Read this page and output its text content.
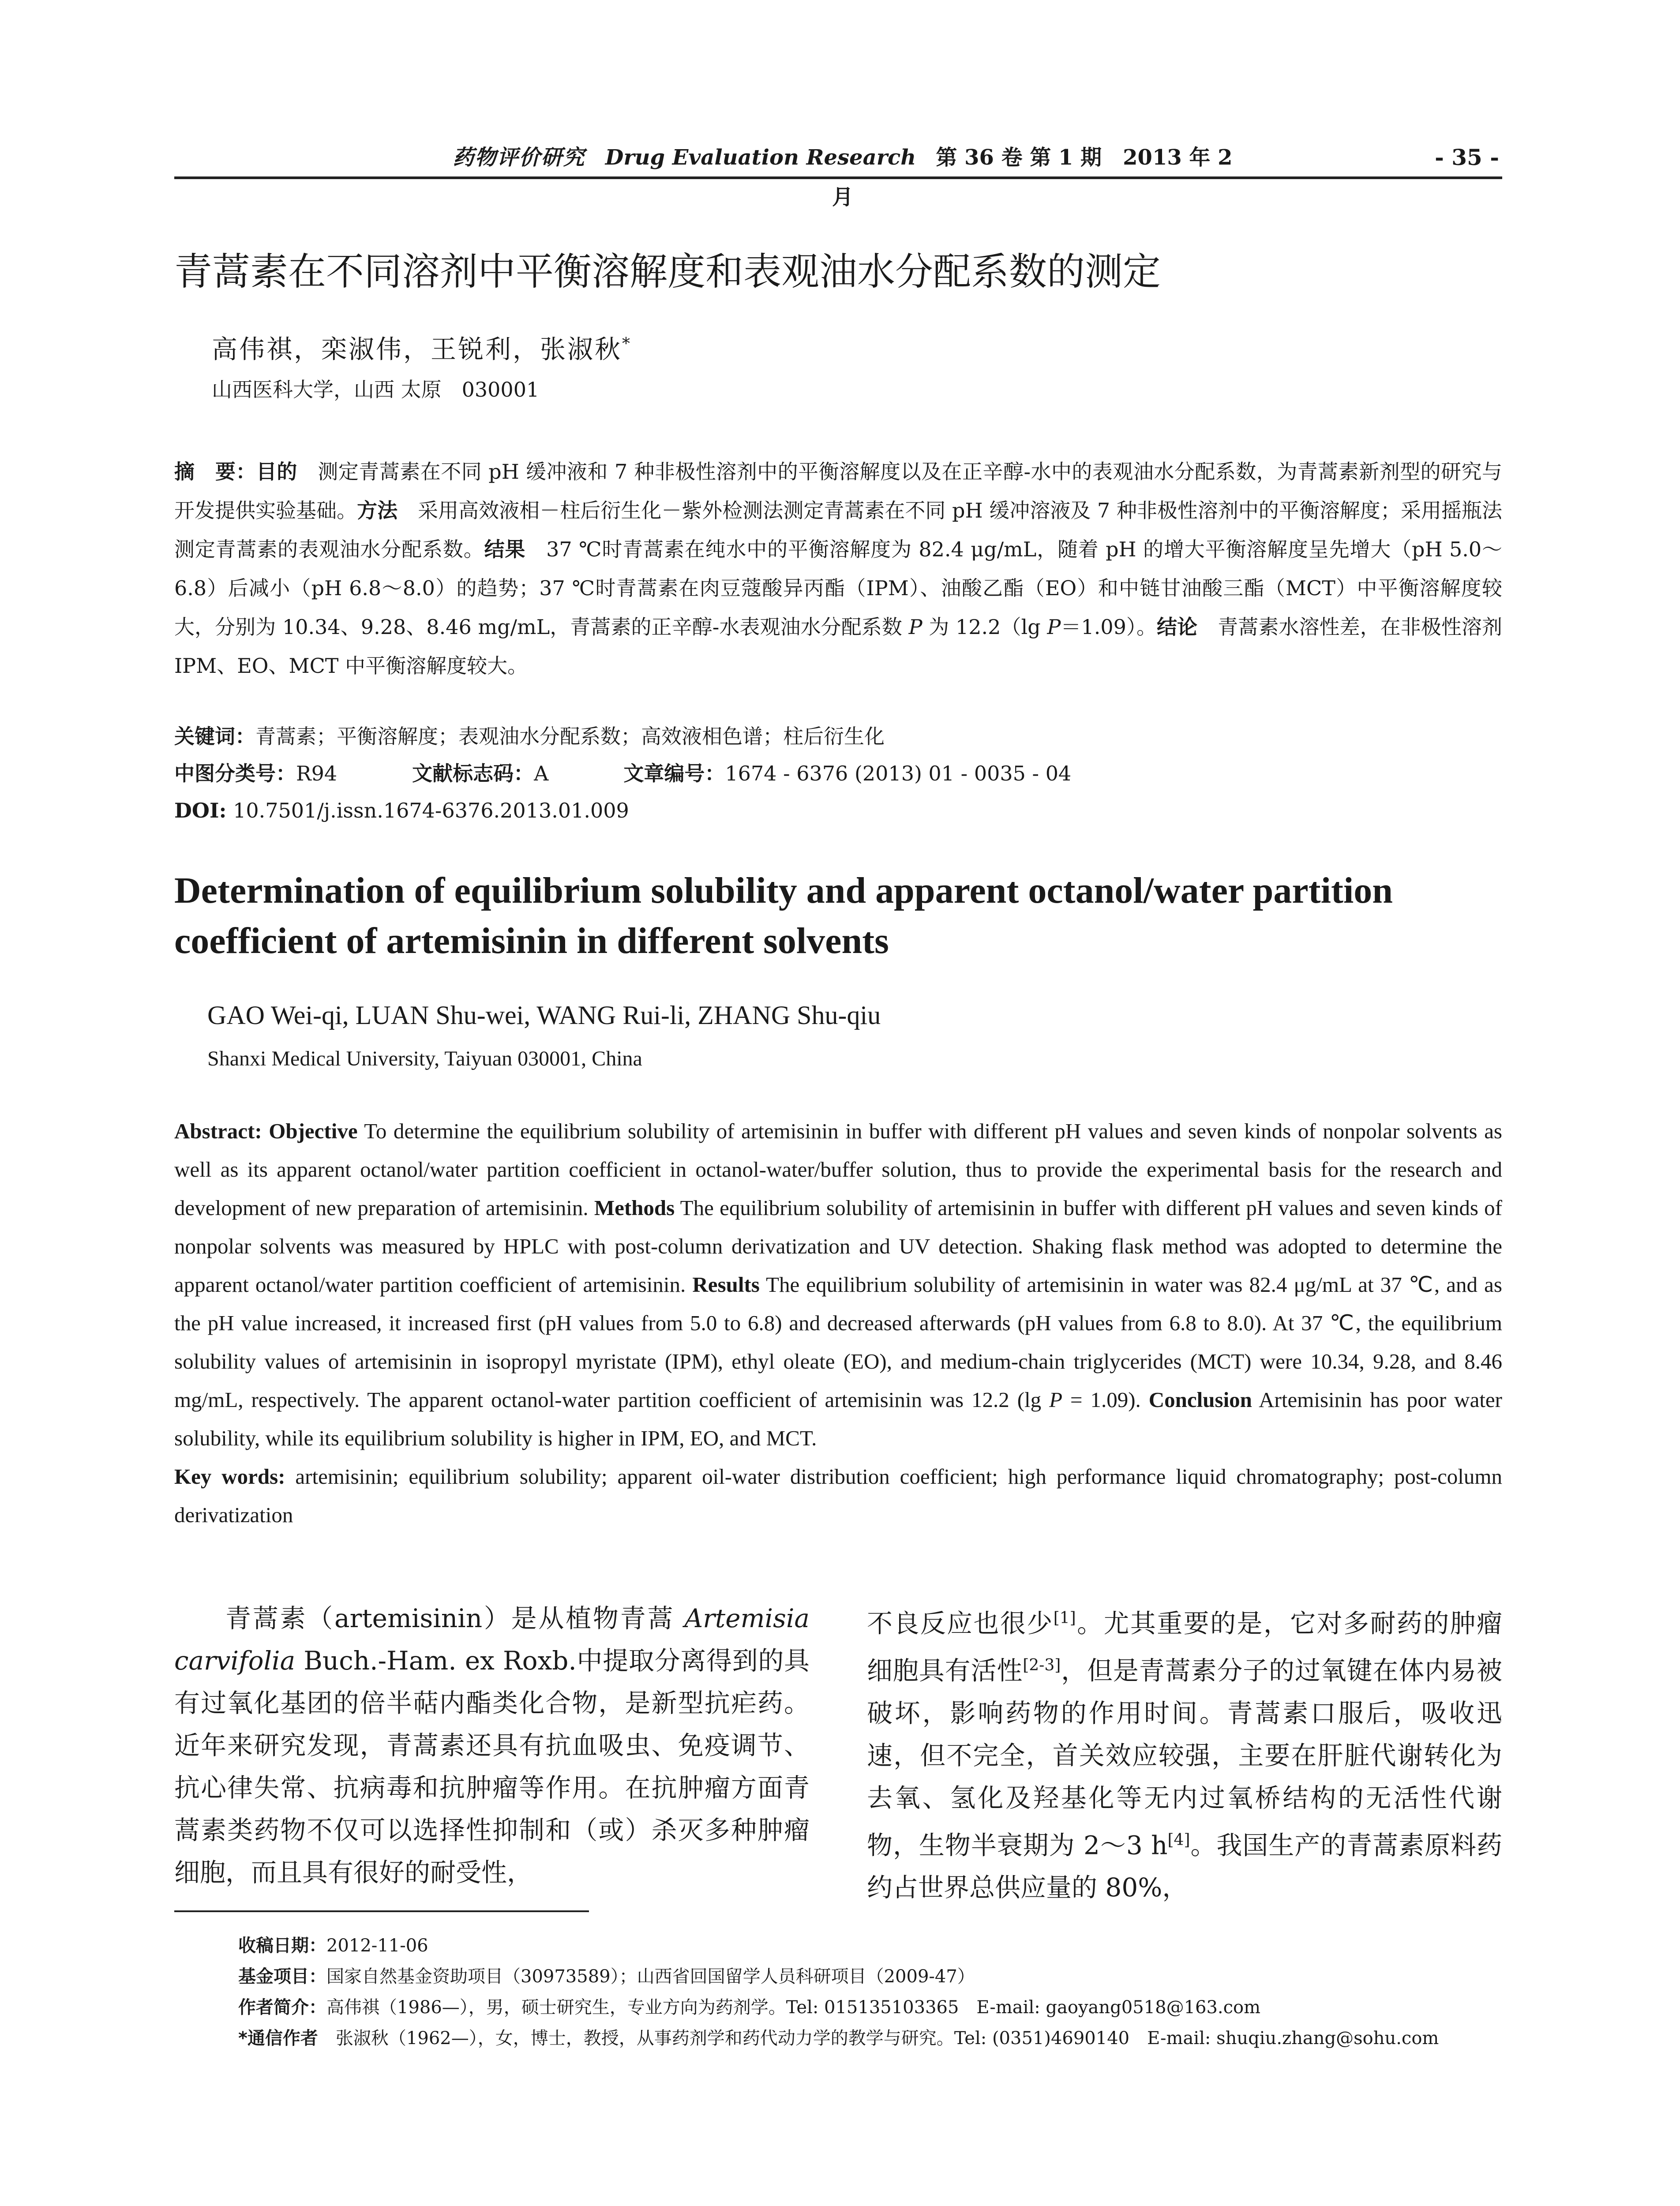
药物评价研究 Drug Evaluation Research 第 36 卷 第 1 期　2013 年 2 月
- 35 -
青蒿素在不同溶剂中平衡溶解度和表观油水分配系数的测定
高伟祺，栾淑伟，王锐利，张淑秋*
山西医科大学，山西 太原　030001
摘　要：目的　测定青蒿素在不同 pH 缓冲液和 7 种非极性溶剂中的平衡溶解度以及在正辛醇-水中的表观油水分配系数，为青蒿素新剂型的研究与开发提供实验基础。方法　采用高效液相－柱后衍生化－紫外检测法测定青蒿素在不同 pH 缓冲溶液及 7 种非极性溶剂中的平衡溶解度；采用摇瓶法测定青蒿素的表观油水分配系数。结果　37 ℃时青蒿素在纯水中的平衡溶解度为 82.4 μg/mL，随着 pH 的增大平衡溶解度呈先增大（pH 5.0～6.8）后减小（pH 6.8～8.0）的趋势；37 ℃时青蒿素在肉豆蔻酸异丙酯（IPM）、油酸乙酯（EO）和中链甘油酸三酯（MCT）中平衡溶解度较大，分别为 10.34、9.28、8.46 mg/mL，青蒿素的正辛醇-水表观油水分配系数 P 为 12.2（lg P＝1.09）。结论　青蒿素水溶性差，在非极性溶剂 IPM、EO、MCT 中平衡溶解度较大。
关键词：青蒿素；平衡溶解度；表观油水分配系数；高效液相色谱；柱后衍生化
中图分类号：R94	文献标志码：A	文章编号：1674 - 6376 (2013) 01 - 0035 - 04
DOI: 10.7501/j.issn.1674-6376.2013.01.009
Determination of equilibrium solubility and apparent octanol/water partition coefficient of artemisinin in different solvents
GAO Wei-qi, LUAN Shu-wei, WANG Rui-li, ZHANG Shu-qiu
Shanxi Medical University, Taiyuan 030001, China
Abstract: Objective To determine the equilibrium solubility of artemisinin in buffer with different pH values and seven kinds of nonpolar solvents as well as its apparent octanol/water partition coefficient in octanol-water/buffer solution, thus to provide the experimental basis for the research and development of new preparation of artemisinin. Methods The equilibrium solubility of artemisinin in buffer with different pH values and seven kinds of nonpolar solvents was measured by HPLC with post-column derivatization and UV detection. Shaking flask method was adopted to determine the apparent octanol/water partition coefficient of artemisinin. Results The equilibrium solubility of artemisinin in water was 82.4 μg/mL at 37 ℃, and as the pH value increased, it increased first (pH values from 5.0 to 6.8) and decreased afterwards (pH values from 6.8 to 8.0). At 37 ℃, the equilibrium solubility values of artemisinin in isopropyl myristate (IPM), ethyl oleate (EO), and medium-chain triglycerides (MCT) were 10.34, 9.28, and 8.46 mg/mL, respectively. The apparent octanol-water partition coefficient of artemisinin was 12.2 (lg P = 1.09). Conclusion Artemisinin has poor water solubility, while its equilibrium solubility is higher in IPM, EO, and MCT.
Key words: artemisinin; equilibrium solubility; apparent oil-water distribution coefficient; high performance liquid chromatography; post-column derivatization
青蒿素（artemisinin）是从植物青蒿 Artemisia carvifolia Buch.-Ham. ex Roxb.中提取分离得到的具有过氧化基团的倍半萜内酯类化合物，是新型抗疟药。近年来研究发现，青蒿素还具有抗血吸虫、免疫调节、抗心律失常、抗病毒和抗肿瘤等作用。在抗肿瘤方面青蒿素类药物不仅可以选择性抑制和（或）杀灭多种肿瘤细胞，而且具有很好的耐受性，
不良反应也很少[1]。尤其重要的是，它对多耐药的肿瘤细胞具有活性[2-3]，但是青蒿素分子的过氧键在体内易被破坏，影响药物的作用时间。青蒿素口服后，吸收迅速，但不完全，首关效应较强，主要在肝脏代谢转化为去氧、氢化及羟基化等无内过氧桥结构的无活性代谢物，生物半衰期为 2～3 h[4]。我国生产的青蒿素原料药约占世界总供应量的 80%，
收稿日期：2012-11-06
基金项目：国家自然基金资助项目（30973589）；山西省回国留学人员科研项目（2009-47）
作者简介：高伟祺（1986—），男，硕士研究生，专业方向为药剂学。Tel: 015135103365　E-mail: gaoyang0518@163.com
*通信作者　张淑秋（1962—），女，博士，教授，从事药剂学和药代动力学的教学与研究。Tel: (0351)4690140　E-mail: shuqiu.zhang@sohu.com
